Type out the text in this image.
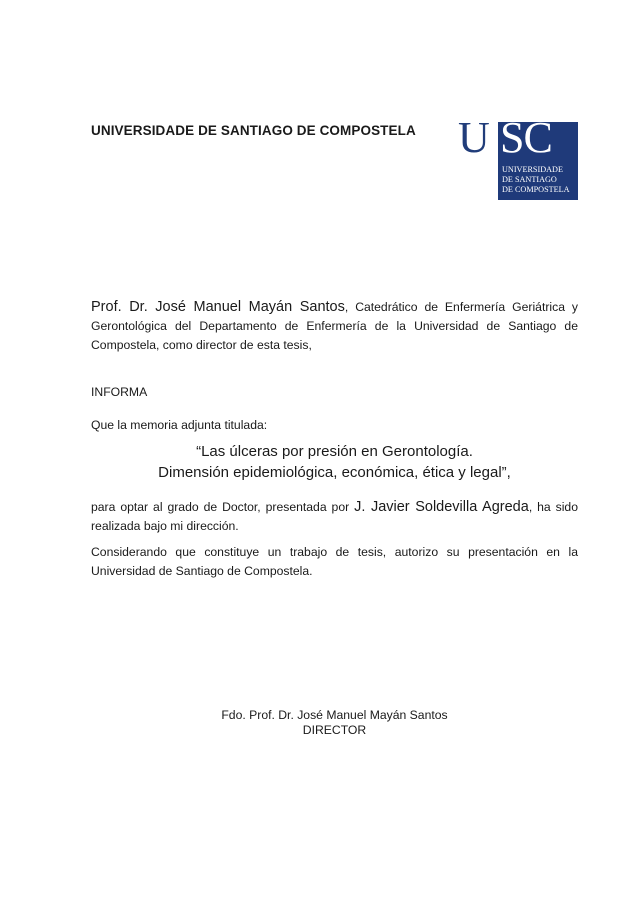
UNIVERSIDADE DE SANTIAGO DE COMPOSTELA U SC
UNIVERSIDADE
DE SANTIAGO
DE COMPOSTELA
Prof. Dr. José Manuel Mayán Santos, Catedrático de Enfermería Geriátrica y Gerontológica del Departamento de Enfermería de la Universidad de Santiago de Compostela, como director de esta tesis,
INFORMA
Que la memoria adjunta titulada:
“Las úlceras por presión en Gerontología.
Dimensión epidemiológica, económica, ética y legal”,
para optar al grado de Doctor, presentada por J. Javier Soldevilla Agreda, ha sido realizada bajo mi dirección.
Considerando que constituye un trabajo de tesis, autorizo su presentación en la Universidad de Santiago de Compostela.
Fdo. Prof. Dr. José Manuel Mayán Santos
DIRECTOR
